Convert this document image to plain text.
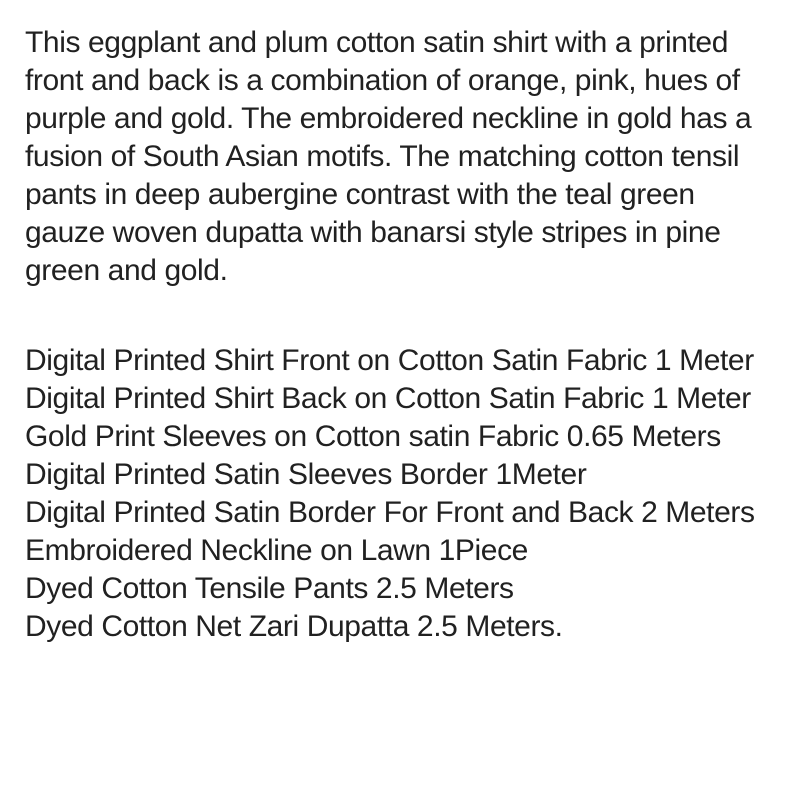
This eggplant and plum cotton satin shirt with a printed front and back is a combination of orange, pink, hues of purple and gold. The embroidered neckline in gold has a fusion of South Asian motifs. The matching cotton tensil pants in deep aubergine contrast with the teal green gauze woven dupatta with banarsi style stripes in pine green and gold.

Digital Printed Shirt Front on Cotton Satin Fabric 1 Meter
Digital Printed Shirt Back on Cotton Satin Fabric 1 Meter
Gold Print Sleeves on Cotton satin Fabric 0.65 Meters
Digital Printed Satin Sleeves Border 1Meter
Digital Printed Satin Border For Front and Back 2 Meters
Embroidered Neckline on Lawn 1Piece
Dyed Cotton Tensile Pants 2.5 Meters
Dyed Cotton Net Zari Dupatta 2.5 Meters.
